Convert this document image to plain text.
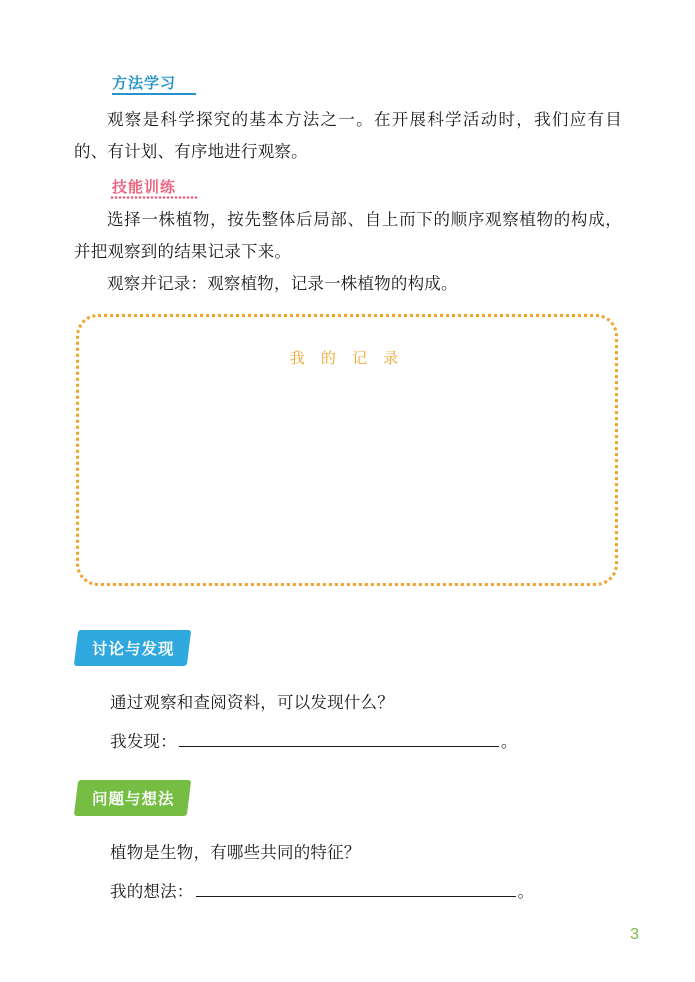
方法学习
观察是科学探究的基本方法之一。在开展科学活动时，我们应有目的、有计划、有序地进行观察。
技能训练
选择一株植物，按先整体后局部、自上而下的顺序观察植物的构成，并把观察到的结果记录下来。
观察并记录：观察植物，记录一株植物的构成。
我 的 记 录
讨论与发现	1
通过观察和查阅资料，可以发现什么？
我发现：	。
问题与想法	2
植物是生物，有哪些共同的特征？
我的想法：	。
3
